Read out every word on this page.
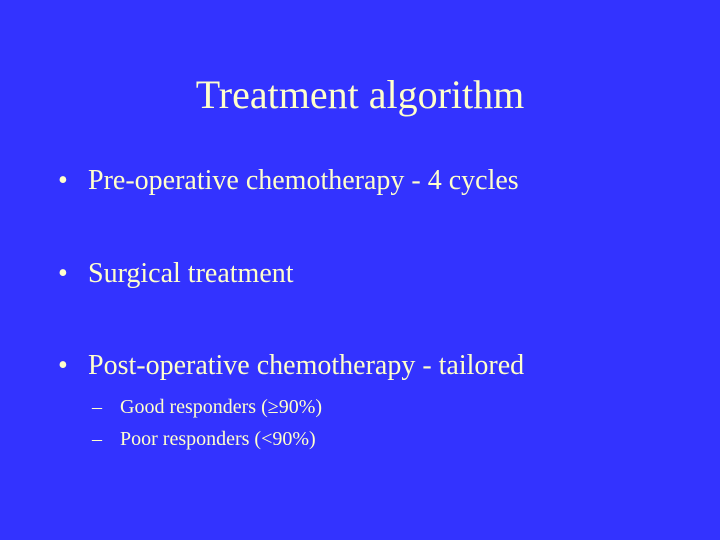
Treatment algorithm
• Pre-operative chemotherapy - 4 cycles
• Surgical treatment
• Post-operative chemotherapy - tailored
– Good responders (≥90%)
– Poor responders (<90%)
